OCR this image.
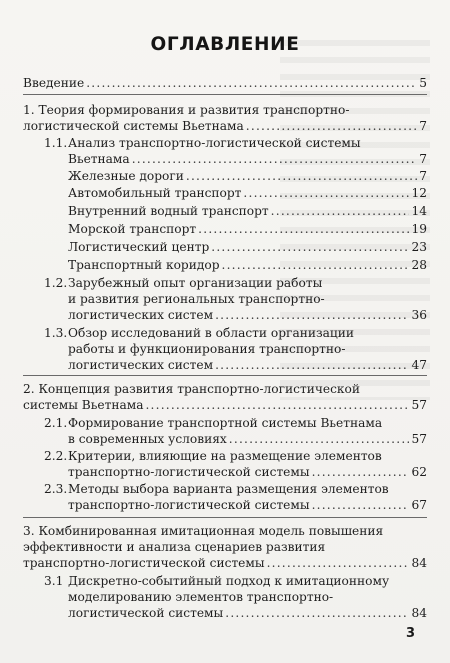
ОГЛАВЛЕНИЕ
Введение .....	5
1. Теория формирования и развития транспортно-
логистической системы Вьетнама .....	7
1.1.Анализ транспортно-логистической системы
Вьетнама .....	7
Железные дороги .....	7
Автомобильный транспорт .....	12
Внутренний водный транспорт .....	14
Морской транспорт .....	19
Логистический центр .....	23
Транспортный коридор .....	28
1.2.Зарубежный опыт организации работы
и развития региональных транспортно-
логистических систем .....	36
1.3.Обзор исследований в области организации
работы и функционирования транспортно-
логистических систем .....	47
2. Концепция развития транспортно-логистической
системы Вьетнама .....	57
2.1.Формирование транспортной системы Вьетнама
в современных условиях .....	57
2.2.Критерии, влияющие на размещение элементов
транспортно-логистической системы .....	62
2.3.Методы выбора варианта размещения элементов
транспортно-логистической системы .....	67
3. Комбинированная имитационная модель повышения
эффективности и анализа сценариев развития
транспортно-логистической системы .....	84
3.1 Дискретно-событийный подход к имитационному
моделированию элементов транспортно-
логистической системы .....	84
3
